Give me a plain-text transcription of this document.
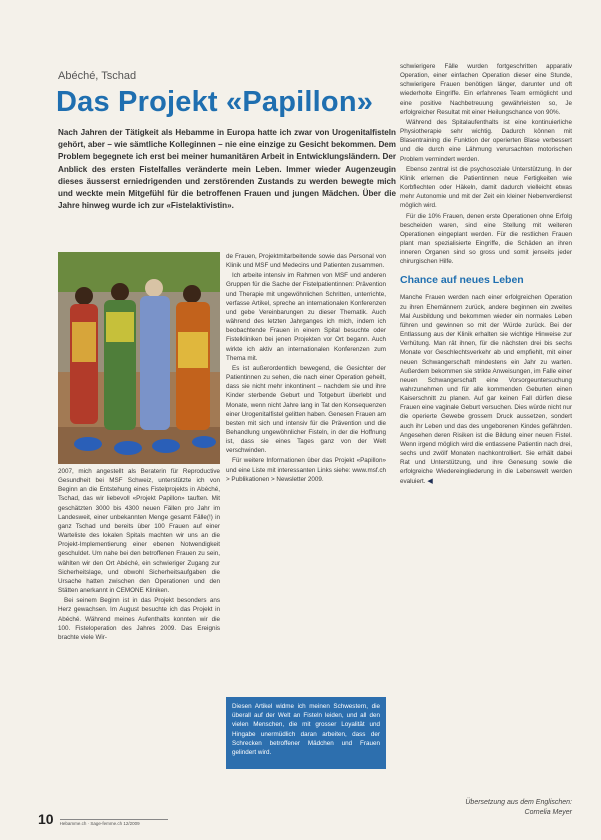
Abéché, Tschad
Das Projekt «Papillon»
Nach Jahren der Tätigkeit als Hebamme in Europa hatte ich zwar von Urogenitalfisteln gehört, aber – wie sämtliche Kolleginnen – nie eine einzige zu Gesicht bekommen. Dem Problem begegnete ich erst bei meiner humanitären Arbeit in Entwicklungsländern. Der Anblick des ersten Fistelfalles veränderte mein Leben. Immer wieder Augenzeugin dieses äusserst erniedrigenden und zerstörenden Zustands zu werden bewegte mich und weckte mein Mitgefühl für die betroffenen Frauen und jungen Mädchen. Über die Jahre hinweg wurde ich zur «Fistelaktivistin».

2007, mich angestellt als Beraterin für Reproductive Gesundheit bei MSF Schweiz, unterstützte ich von Beginn an die Entstehung eines Fistelprojekts in Abéché, Tschad, das wir liebevoll «Projekt Papillon» tauften. Mit geschätzten 3000 bis 4300 neuen Fällen pro Jahr im Landesweit, einer unbekannten Menge gesamt Fälle(!) in ganz Tschad und bereits über 100 Frauen auf einer Warteliste des lokalen Spitals machten wir uns an die Projekt-Implementierung einer ebenen Notwendigkeit geschuldet. Um nahe bei den betroffenen Frauen zu sein, wählten wir den Ort Abéché, ein schwieriger Zugang zur Sicherheitslage, und obwohl Sicherheitsaufgaben die Ursache hatten zwischen den Operationen und den Stätten anerkannt in CEMONE Kliniken.

Bei seinem Beginn ist in das Projekt besonders ans Herz gewachsen. Im August besuchte ich das Projekt in Abéché. Während meines Aufenthalts konnten wir die 100. Fisteloperation des Jahres 2009. Das Ereignis brachte viele Wir-

de Frauen, Projektmitarbeitende sowie das Personal von Klinik und MSF und Medecins und Patienten zusammen.

Ich arbeite intensiv im Rahmen von MSF und anderen Gruppen für die Sache der Fistelpatientinnen: Prävention und Therapie mit ungewöhnlichen Schritten, unterrichte, verfasse Artikel, spreche an internationalen Konferenzen und gebe Vereinbarungen zu dieser Thematik. Auch während des letzten Jahrganges ich mich, indem ich beobachtende Frauen in einem Spital besuchte oder Fistelkliniken bei jenen Projekten vor Ort begann. Auch wirkte ich aktiv an internationalen Konferenzen zum Thema mit.

Es ist außerordentlich bewegend, die Gesichter der Patientinnen zu sehen, die nach einer Operation geheilt, dass sie nicht mehr inkontinent – nachdem sie und ihre Kinder sterbende Geburt und Totgeburt überlebt und Monate, wenn nicht Jahre lang in Tat den Konsequenzen einer Urogenitalfistel gelitten haben. Genesen Frauen am besten mit sich und intensiv für die Prävention und die Behandlung ungewöhnlicher Fisteln, in der die Hoffnung ist, dass sie eines Tages ganz von der Welt verschwinden.

Für weitere Informationen über das Projekt «Papillon» und eine Liste mit interessanten Links siehe: www.msf.ch > Publikationen > Newsletter 2009.

Diesen Artikel widme ich meinen Schwestern, die überall auf der Welt an Fisteln leiden, und all den vielen Menschen, die mit grosser Loyalität und Hingabe unermüdlich daran arbeiten, dass der Schrecken betroffener Mädchen und Frauen gelindert wird.

schwierigere Fälle wurden fortgeschritten apparativ Operation, einer einfachen Operation dieser eine Stunde, schwierigere Frauen benötigen länger, darunter und oft wiederholte Eingriffe. Ein erfahrenes Team ermöglicht und eine positive Nachbetreuung gewährleisten so, Je erfolgreicher Resultat mit einer Heilungschance von 90%.

Während des Spitalaufenthalts ist eine kontinuierliche Physiotherapie sehr wichtig. Dadurch können mit Blasentraining die Funktion der operierten Blase verbessert und die durch eine Lähmung verursachten motorischen Problem vermindert werden.

Ebenso zentral ist die psychosoziale Unterstützung. In der Klinik erlernen die Patientinnen neue Fertigkeiten wie Korbflechten oder Häkeln, damit dadurch vielleicht etwas mehr Autonomie und mit der Zeit ein kleiner Nebenverdienst möglich wird.

Für die 10% Frauen, denen erste Operationen ohne Erfolg bescheiden waren, sind eine Stellung mit weiteren Operationen eingeplant werden. Für die restlichen Frauen plant man spezialisierte Eingriffe, die Schäden an ihren inneren Organen sind so gross und somit jenseits jeder chirurgischen Hilfe.

Chance auf neues Leben

Manche Frauen werden nach einer erfolgreichen Operation zu ihren Ehemännern zurück, andere beginnen ein zweites Mal Ausbildung und bekommen wieder ein normales Leben führen und gewinnen so mit der Würde zurück. Bei der Entlassung aus der Klinik erhalten sie wichtige Hinweise zur Verhütung. Man rät ihnen, für die nächsten drei bis sechs Monate vor Geschlechtsverkehr ab und empfiehlt, mit einer neuen Schwangerschaft mindestens ein Jahr zu warten. Außerdem bekommen sie strikte Anweisungen, im Falle einer neuen Schwangerschaft eine Vorsorgeuntersuchung wahrzunehmen und für alle kommenden Geburten einen Kaiserschnitt zu planen. Auf gar keinen Fall dürfen diese Frauen eine vaginale Geburt versuchen. Dies würde nicht nur die operierte Gewebe grossem Druck aussetzen, sondert auch ihr Leben und das des ungeborenen Kindes gefährden. Angesehen deren Risiken ist die Bildung einer neuen Fistel. Wenn irgend möglich wird die entlassene Patientin nach drei, sechs und zwölf Monaten nachkontrolliert. Sie erhält dabei Rat und Unterstützung, und ihre Genesung sowie die erfolgreiche Wiedereingliederung in die Lebenswelt werden evaluiert. ◀

Übersetzung aus dem Englischen:
Cornelia Meyer
10 Hebamme.ch · Sage-femme.ch 12/2009
